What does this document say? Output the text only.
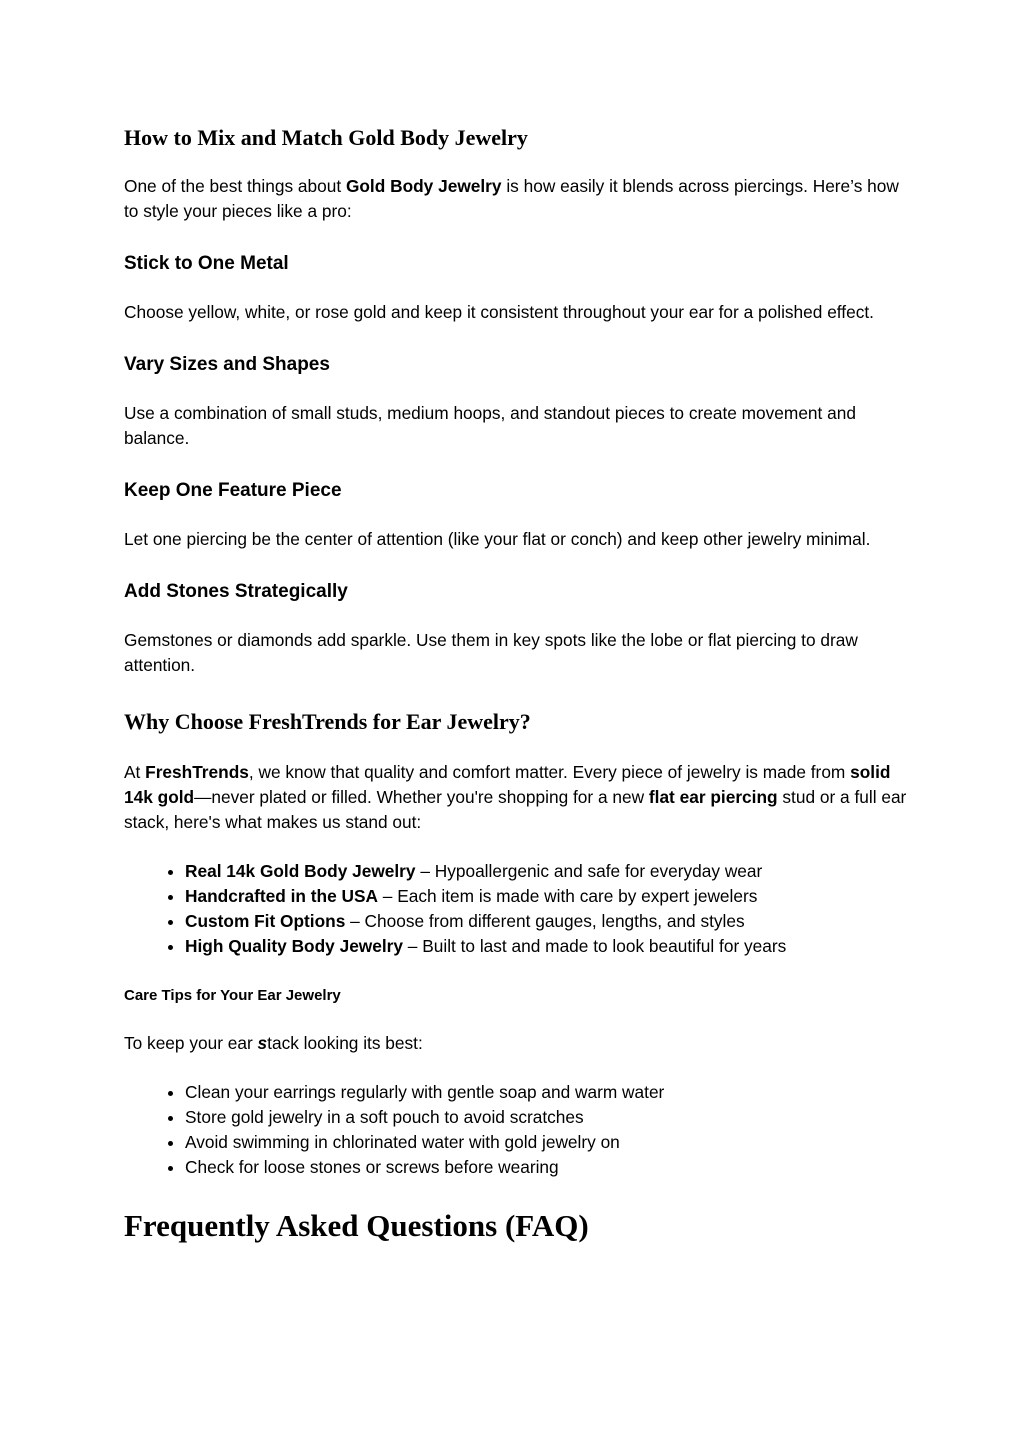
How to Mix and Match Gold Body Jewelry

One of the best things about Gold Body Jewelry is how easily it blends across piercings. Here’s how to style your pieces like a pro:

Stick to One Metal

Choose yellow, white, or rose gold and keep it consistent throughout your ear for a polished effect.

Vary Sizes and Shapes

Use a combination of small studs, medium hoops, and standout pieces to create movement and balance.

Keep One Feature Piece

Let one piercing be the center of attention (like your flat or conch) and keep other jewelry minimal.

Add Stones Strategically

Gemstones or diamonds add sparkle. Use them in key spots like the lobe or flat piercing to draw attention.

Why Choose FreshTrends for Ear Jewelry?

At FreshTrends, we know that quality and comfort matter. Every piece of jewelry is made from solid 14k gold—never plated or filled. Whether you're shopping for a new flat ear piercing stud or a full ear stack, here's what makes us stand out:

• Real 14k Gold Body Jewelry – Hypoallergenic and safe for everyday wear
• Handcrafted in the USA – Each item is made with care by expert jewelers
• Custom Fit Options – Choose from different gauges, lengths, and styles
• High Quality Body Jewelry – Built to last and made to look beautiful for years
Care Tips for Your Ear Jewelry

To keep your ear stack looking its best:

• Clean your earrings regularly with gentle soap and warm water
• Store gold jewelry in a soft pouch to avoid scratches
• Avoid swimming in chlorinated water with gold jewelry on
• Check for loose stones or screws before wearing
Frequently Asked Questions (FAQ)
